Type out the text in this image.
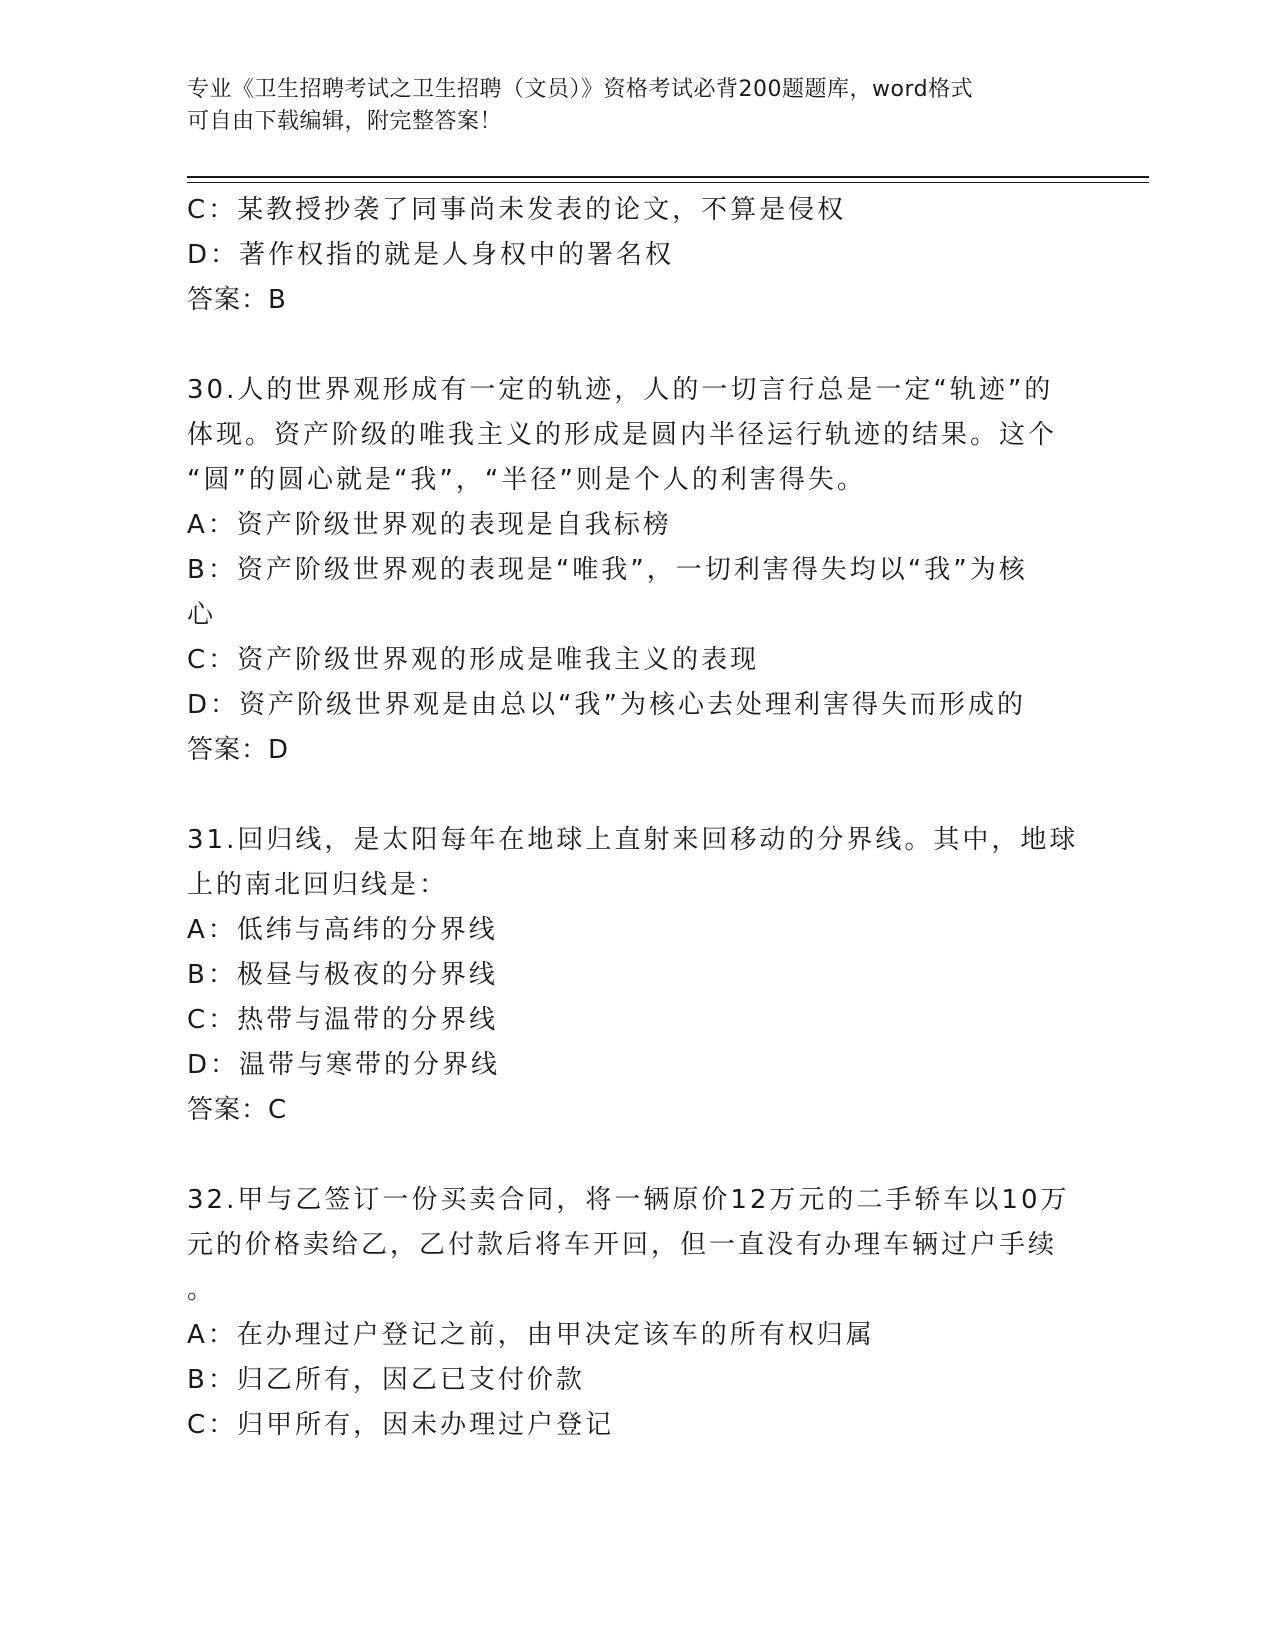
专业《卫生招聘考试之卫生招聘（文员）》资格考试必背200题题库，word格式
可自由下载编辑，附完整答案！
C：某教授抄袭了同事尚未发表的论文，不算是侵权
D：著作权指的就是人身权中的署名权
答案：B
30.人的世界观形成有一定的轨迹，人的一切言行总是一定“轨迹”的
体现。资产阶级的唯我主义的形成是圆内半径运行轨迹的结果。这个
“圆”的圆心就是“我”，“半径”则是个人的利害得失。
A：资产阶级世界观的表现是自我标榜
B：资产阶级世界观的表现是“唯我”，一切利害得失均以“我”为核
心
C：资产阶级世界观的形成是唯我主义的表现
D：资产阶级世界观是由总以“我”为核心去处理利害得失而形成的
答案：D
31.回归线，是太阳每年在地球上直射来回移动的分界线。其中，地球
上的南北回归线是：
A：低纬与高纬的分界线
B：极昼与极夜的分界线
C：热带与温带的分界线
D：温带与寒带的分界线
答案：C
32.甲与乙签订一份买卖合同，将一辆原价12万元的二手轿车以10万
元的价格卖给乙，乙付款后将车开回，但一直没有办理车辆过户手续
。
A：在办理过户登记之前，由甲决定该车的所有权归属
B：归乙所有，因乙已支付价款
C：归甲所有，因未办理过户登记
